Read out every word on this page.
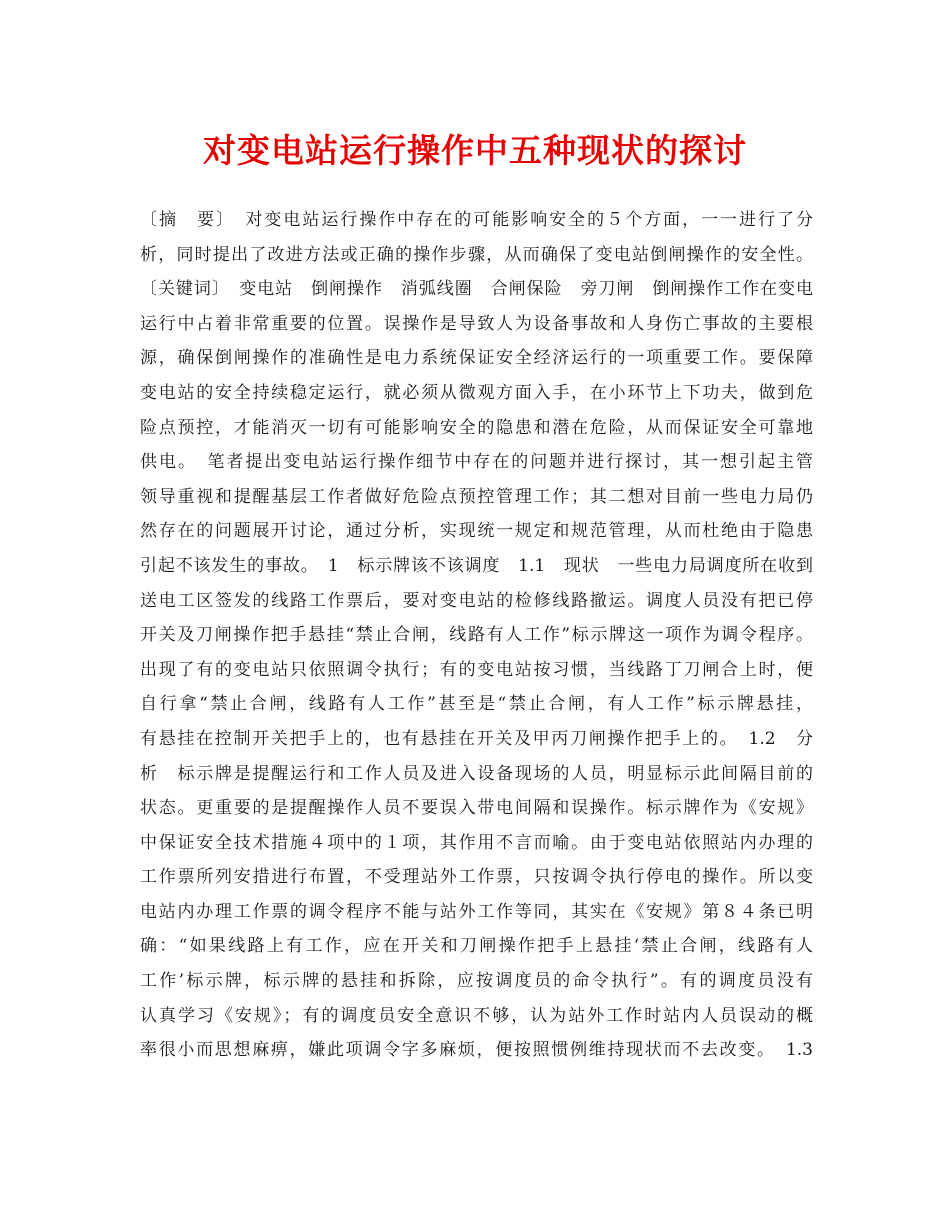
对变电站运行操作中五种现状的探讨
〔摘　要〕　对变电站运行操作中存在的可能影响安全的５个方面，一一进行了分
析，同时提出了改进方法或正确的操作步骤，从而确保了变电站倒闸操作的安全性。
〔关键词〕　变电站　倒闸操作　消弧线圈　合闸保险　旁刀闸　倒闸操作工作在变电
运行中占着非常重要的位置。误操作是导致人为设备事故和人身伤亡事故的主要根
源，确保倒闸操作的准确性是电力系统保证安全经济运行的一项重要工作。要保障
变电站的安全持续稳定运行，就必须从微观方面入手，在小环节上下功夫，做到危
险点预控，才能消灭一切有可能影响安全的隐患和潜在危险，从而保证安全可靠地
供电。　笔者提出变电站运行操作细节中存在的问题并进行探讨，其一想引起主管
领导重视和提醒基层工作者做好危险点预控管理工作；其二想对目前一些电力局仍
然存在的问题展开讨论，通过分析，实现统一规定和规范管理，从而杜绝由于隐患
引起不该发生的事故。　1　标示牌该不该调度　1.1　现状　一些电力局调度所在收到
送电工区签发的线路工作票后，要对变电站的检修线路撤运。调度人员没有把已停
开关及刀闸操作把手悬挂“禁止合闸，线路有人工作”标示牌这一项作为调令程序。
出现了有的变电站只依照调令执行；有的变电站按习惯，当线路丁刀闸合上时，便
自行拿“禁止合闸，线路有人工作”甚至是“禁止合闸，有人工作”标示牌悬挂，
有悬挂在控制开关把手上的，也有悬挂在开关及甲丙刀闸操作把手上的。　1.2　分
析　标示牌是提醒运行和工作人员及进入设备现场的人员，明显标示此间隔目前的
状态。更重要的是提醒操作人员不要误入带电间隔和误操作。标示牌作为《安规》
中保证安全技术措施４项中的１项，其作用不言而喻。由于变电站依照站内办理的
工作票所列安措进行布置，不受理站外工作票，只按调令执行停电的操作。所以变
电站内办理工作票的调令程序不能与站外工作等同，其实在《安规》第８４条已明
确：“如果线路上有工作，应在开关和刀闸操作把手上悬挂‘禁止合闸，线路有人
工作’标示牌，标示牌的悬挂和拆除，应按调度员的命令执行”。有的调度员没有
认真学习《安规》；有的调度员安全意识不够，认为站外工作时站内人员误动的概
率很小而思想麻痹，嫌此项调令字多麻烦，便按照惯例维持现状而不去改变。　1.3
